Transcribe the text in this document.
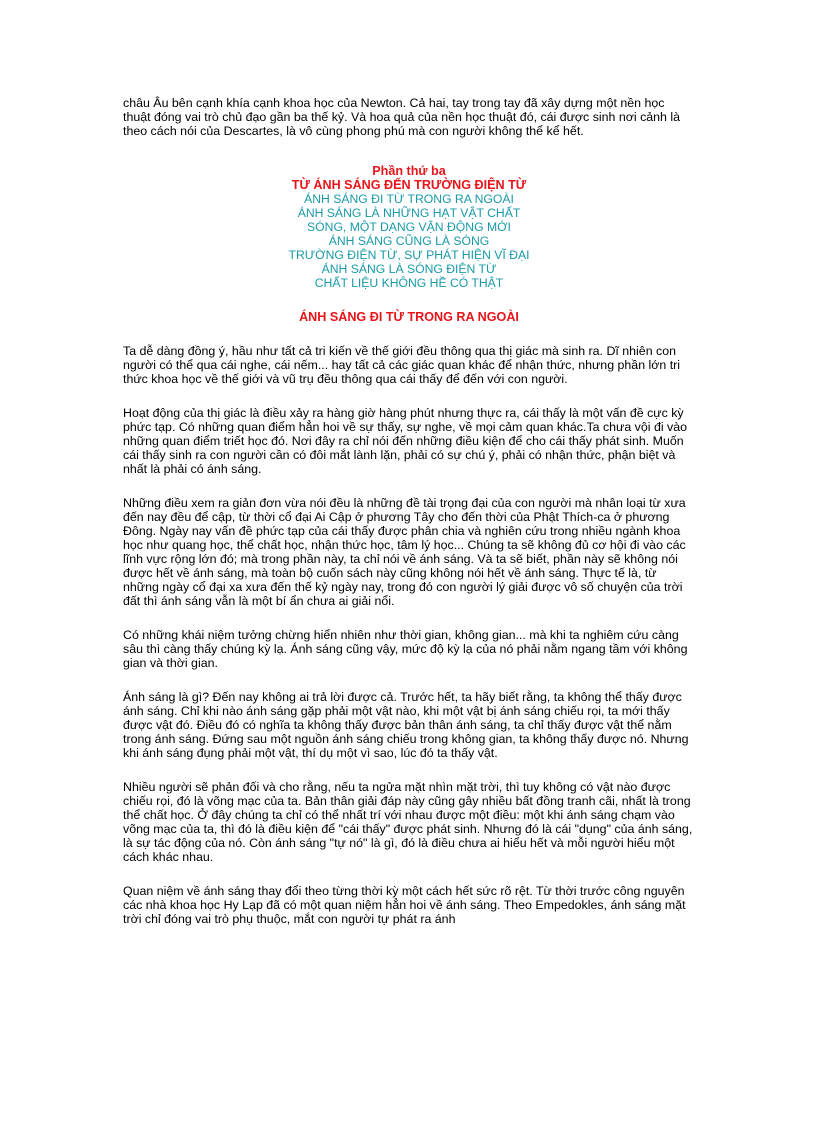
châu Âu bên cạnh khía cạnh khoa học của Newton. Cả hai, tay trong tay đã xây dựng một nền học thuật đóng vai trò chủ đạo gần ba thế kỷ. Và hoa quả của nền học thuật đó, cái được sinh nơi cảnh là theo cách nói của Descartes, là vô cùng phong phú mà con người không thể kể hết.

Phần thứ ba
TỪ ÁNH SÁNG ĐẾN TRƯỜNG ĐIỆN TỪ
ÁNH SÁNG ĐI TỪ TRONG RA NGOÀI
ÁNH SÁNG LÀ NHỮNG HẠT VẬT CHẤT
SÓNG, MỘT DẠNG VẬN ĐỘNG MỚI
ÁNH SÁNG CŨNG LÀ SÓNG
TRƯỜNG ĐIỆN TỪ, SỰ PHÁT HIỆN VĨ ĐẠI
ÁNH SÁNG LÀ SÓNG ĐIỆN TỪ
CHẤT LIỆU KHÔNG HỀ CÓ THẬT
ÁNH SÁNG ĐI TỪ TRONG RA NGOÀI

Ta dễ dàng đồng ý, hầu như tất cả tri kiến về thế giới đều thông qua thị giác mà sinh ra. Dĩ nhiên con người có thể qua cái nghe, cái nếm... hay tất cả các giác quan khác để nhận thức, nhưng phần lớn tri thức khoa học về thế giới và vũ trụ đều thông qua cái thấy để đến với con người.

Hoạt động của thị giác là điều xảy ra hàng giờ hàng phút nhưng thực ra, cái thấy là một vấn đề cực kỳ phức tạp. Có những quan điểm hẳn hoi về sự thấy, sự nghe, về mọi cảm quan khác.Ta chưa vội đi vào những quan điểm triết học đó. Nơi đây ra chỉ nói đến những điều kiện để cho cái thấy phát sinh. Muốn cái thấy sinh ra con người cần có đôi mắt lành lặn, phải có sự chú ý, phải có nhận thức, phận biệt và nhất là phải có ánh sáng.

Những điều xem ra giản đơn vừa nói đều là những đề tài trọng đại của con người mà nhân loại từ xưa đến nay đều để cập, từ thời cổ đại Ai Cập ở phương Tây cho đến thời của Phật Thích-ca ở phương Đông. Ngày nay vấn đề phức tạp của cái thấy được phân chia và nghiên cứu trong nhiều ngành khoa học như quang học, thể chất học, nhận thức học, tâm lý học... Chúng ta sẽ không đủ cơ hội đi vào các lĩnh vực rộng lớn đó; mà trong phần này, ta chỉ nói về ánh sáng. Và ta sẽ biết, phần này sẽ không nói được hết về ánh sáng, mà toàn bộ cuốn sách này cũng không nói hết về ánh sáng. Thực tế là, từ những ngày cổ đại xa xưa đến thế kỷ ngày nay, trong đó con người lý giải được vô số chuyện của trời đất thì ánh sáng vẫn là một bí ẩn chưa ai giải nổi.

Có những khái niệm tưởng chừng hiển nhiên như thời gian, không gian... mà khi ta nghiêm cứu càng sâu thì càng thấy chúng kỳ lạ. Ánh sáng cũng vậy, mức độ kỳ lạ của nó phải nằm ngang tầm với không gian và thời gian.

Ánh sáng là gì? Đến nay không ai trả lời được cả. Trước hết, ta hãy biết rằng, ta không thể thấy được ánh sáng. Chỉ khi nào ánh sáng gặp phải một vật nào, khi một vật bị ánh sáng chiếu rọi, ta mới thấy được vật đó. Điều đó có nghĩa ta không thấy được bản thân ánh sáng, ta chỉ thấy được vật thể nằm trong ánh sáng. Đứng sau một nguồn ánh sáng chiếu trong không gian, ta không thấy được nó. Nhưng khi ánh sáng đụng phải một vật, thí dụ một vì sao, lúc đó ta thấy vật.

Nhiều người sẽ phản đối và cho rằng, nếu ta ngửa mặt nhìn mặt trời, thì tuy không có vật nào được chiếu rọi, đó là võng mạc của ta. Bản thân giải đáp này cũng gây nhiều bất đồng tranh cãi, nhất là trong thể chất học. Ở đây chúng ta chỉ có thể nhất trí với nhau được một điều: một khi ánh sáng chạm vào võng mạc của ta, thì đó là điều kiện để "cái thấy" được phát sinh. Nhưng đó là cái "dụng" của ánh sáng, là sự tác động của nó. Còn ánh sáng "tự nó" là gì, đó là điều chưa ai hiểu hết và mỗi người hiểu một cách khác nhau.

Quan niệm về ánh sáng thay đổi theo từng thời kỳ một cách hết sức rõ rệt. Từ thời trước công nguyên các nhà khoa học Hy Lạp đã có một quan niệm hẳn hoi về ánh sáng. Theo Empedokles, ánh sáng mặt trời chỉ đóng vai trò phụ thuộc, mắt con người tự phát ra ánh
